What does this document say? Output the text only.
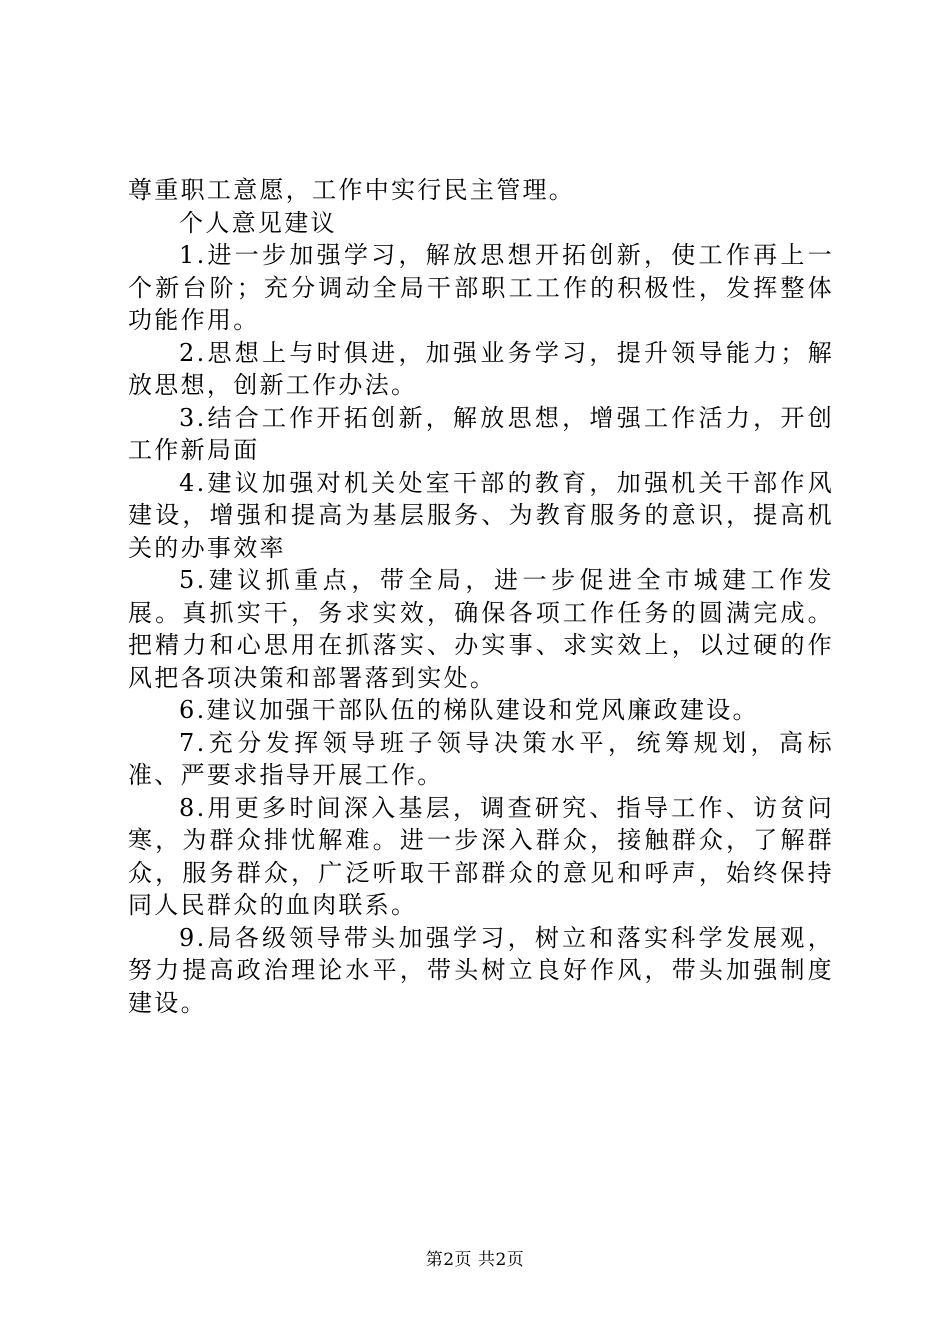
尊重职工意愿，工作中实行民主管理。

个人意见建议

1.进一步加强学习，解放思想开拓创新，使工作再上一个新台阶；充分调动全局干部职工工作的积极性，发挥整体功能作用。

2.思想上与时俱进，加强业务学习，提升领导能力；解放思想，创新工作办法。

3.结合工作开拓创新，解放思想，增强工作活力，开创工作新局面

4.建议加强对机关处室干部的教育，加强机关干部作风建设，增强和提高为基层服务、为教育服务的意识，提高机关的办事效率

5.建议抓重点，带全局，进一步促进全市城建工作发展。真抓实干，务求实效，确保各项工作任务的圆满完成。把精力和心思用在抓落实、办实事、求实效上，以过硬的作风把各项决策和部署落到实处。

6.建议加强干部队伍的梯队建设和党风廉政建设。

7.充分发挥领导班子领导决策水平，统筹规划，高标准、严要求指导开展工作。

8.用更多时间深入基层，调查研究、指导工作、访贫问寒，为群众排忧解难。进一步深入群众，接触群众，了解群众，服务群众，广泛听取干部群众的意见和呼声，始终保持同人民群众的血肉联系。

9.局各级领导带头加强学习，树立和落实科学发展观，努力提高政治理论水平，带头树立良好作风，带头加强制度建设。

第2页 共2页
